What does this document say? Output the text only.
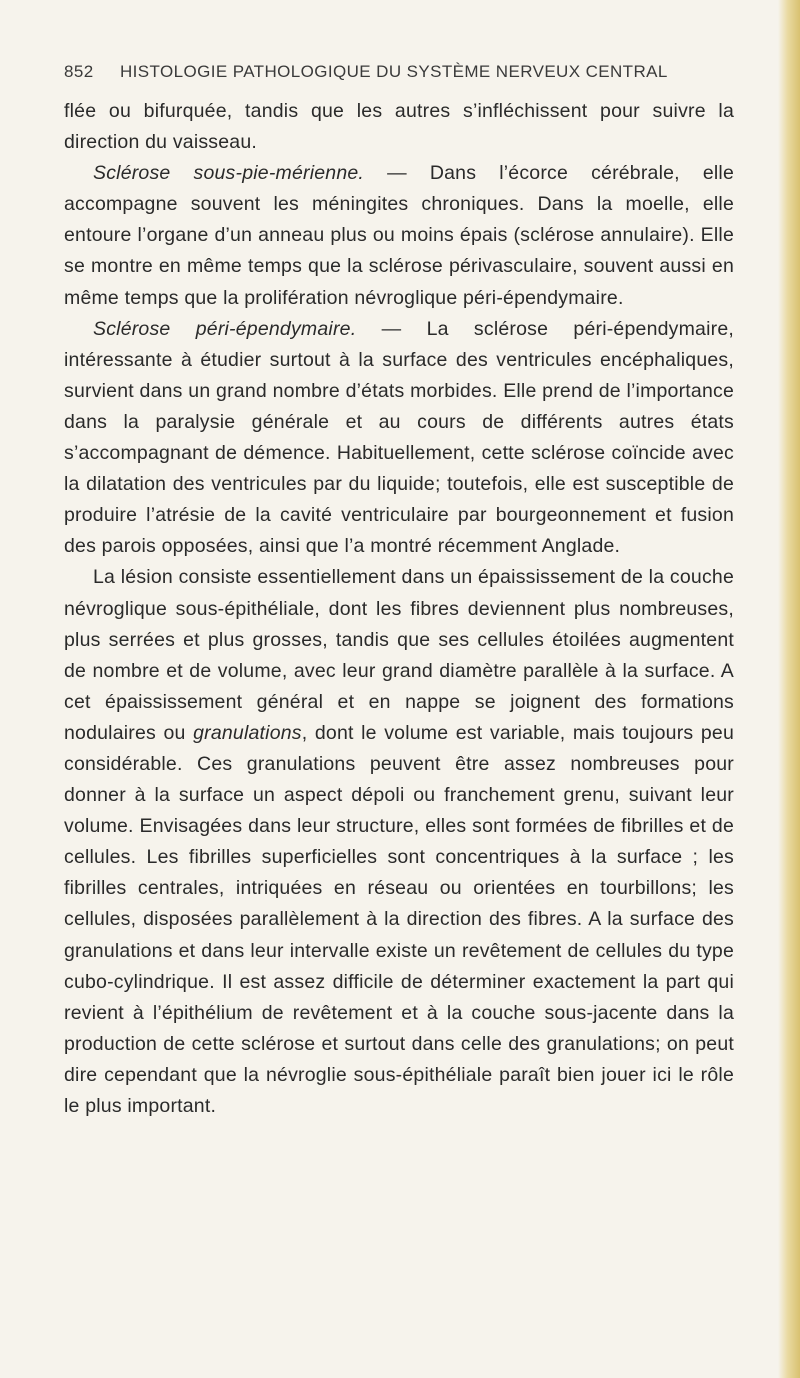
852 HISTOLOGIE PATHOLOGIQUE DU SYSTÈME NERVEUX CENTRAL

flée ou bifurquée, tandis que les autres s’infléchissent pour suivre la direction du vaisseau.

Sclérose sous-pie-mérienne. — Dans l’écorce cérébrale, elle accompagne souvent les méningites chroniques. Dans la moelle, elle entoure l’organe d’un anneau plus ou moins épais (sclérose annulaire). Elle se montre en même temps que la sclérose périvasculaire, souvent aussi en même temps que la prolifération névroglique péri-épendymaire.

Sclérose péri-épendymaire. — La sclérose péri-épendymaire, intéressante à étudier surtout à la surface des ventricules encéphaliques, survient dans un grand nombre d’états morbides. Elle prend de l’importance dans la paralysie générale et au cours de différents autres états s’accompagnant de démence. Habituellement, cette sclérose coïncide avec la dilatation des ventricules par du liquide; toutefois, elle est susceptible de produire l’atrésie de la cavité ventriculaire par bourgeonnement et fusion des parois opposées, ainsi que l’a montré récemment Anglade.

La lésion consiste essentiellement dans un épaississement de la couche névroglique sous-épithéliale, dont les fibres deviennent plus nombreuses, plus serrées et plus grosses, tandis que ses cellules étoilées augmentent de nombre et de volume, avec leur grand diamètre parallèle à la surface. A cet épaississement général et en nappe se joignent des formations nodulaires ou granulations, dont le volume est variable, mais toujours peu considérable. Ces granulations peuvent être assez nombreuses pour donner à la surface un aspect dépoli ou franchement grenu, suivant leur volume. Envisagées dans leur structure, elles sont formées de fibrilles et de cellules. Les fibrilles superficielles sont concentriques à la surface ; les fibrilles centrales, intriquées en réseau ou orientées en tourbillons; les cellules, disposées parallèlement à la direction des fibres. A la surface des granulations et dans leur intervalle existe un revêtement de cellules du type cubo-cylindrique. Il est assez difficile de déterminer exactement la part qui revient à l’épithélium de revêtement et à la couche sous-jacente dans la production de cette sclérose et surtout dans celle des granulations; on peut dire cependant que la névroglie sous-épithéliale paraît bien jouer ici le rôle le plus important.
